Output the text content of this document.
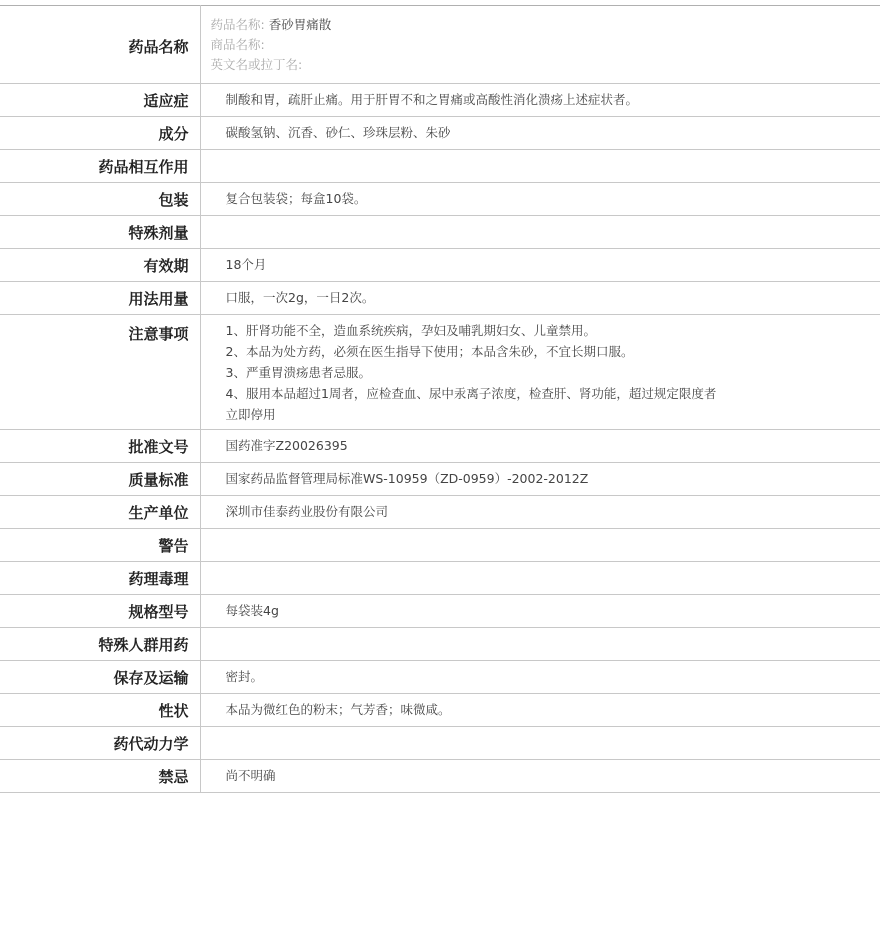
药品名称	药品名称: 香砂胃痛散
商品名称:
英文名或拉丁名:

适应症	制酸和胃，疏肝止痛。用于肝胃不和之胃痛或高酸性消化溃疡上述症状者。
成分	碳酸氢钠、沉香、砂仁、珍珠层粉、朱砂
药品相互作用	
包装	复合包装袋；每盒10袋。
特殊剂量	
有效期	18个月
用法用量	口服，一次2g，一日2次。
注意事项	1、肝肾功能不全，造血系统疾病，孕妇及哺乳期妇女、儿童禁用。
2、本品为处方药，必须在医生指导下使用；本品含朱砂，不宜长期口服。
3、严重胃溃疡患者忌服。
4、服用本品超过1周者，应检查血、尿中汞离子浓度，检查肝、肾功能，超过规定限度者
立即停用

批准文号	国药准字Z20026395
质量标准	国家药品监督管理局标准WS-10959（ZD-0959）-2002-2012Z
生产单位	深圳市佳泰药业股份有限公司
警告	
药理毒理	
规格型号	每袋装4g
特殊人群用药	
保存及运输	密封。
性状	本品为微红色的粉末；气芳香；味微咸。
药代动力学	
禁忌	尚不明确
